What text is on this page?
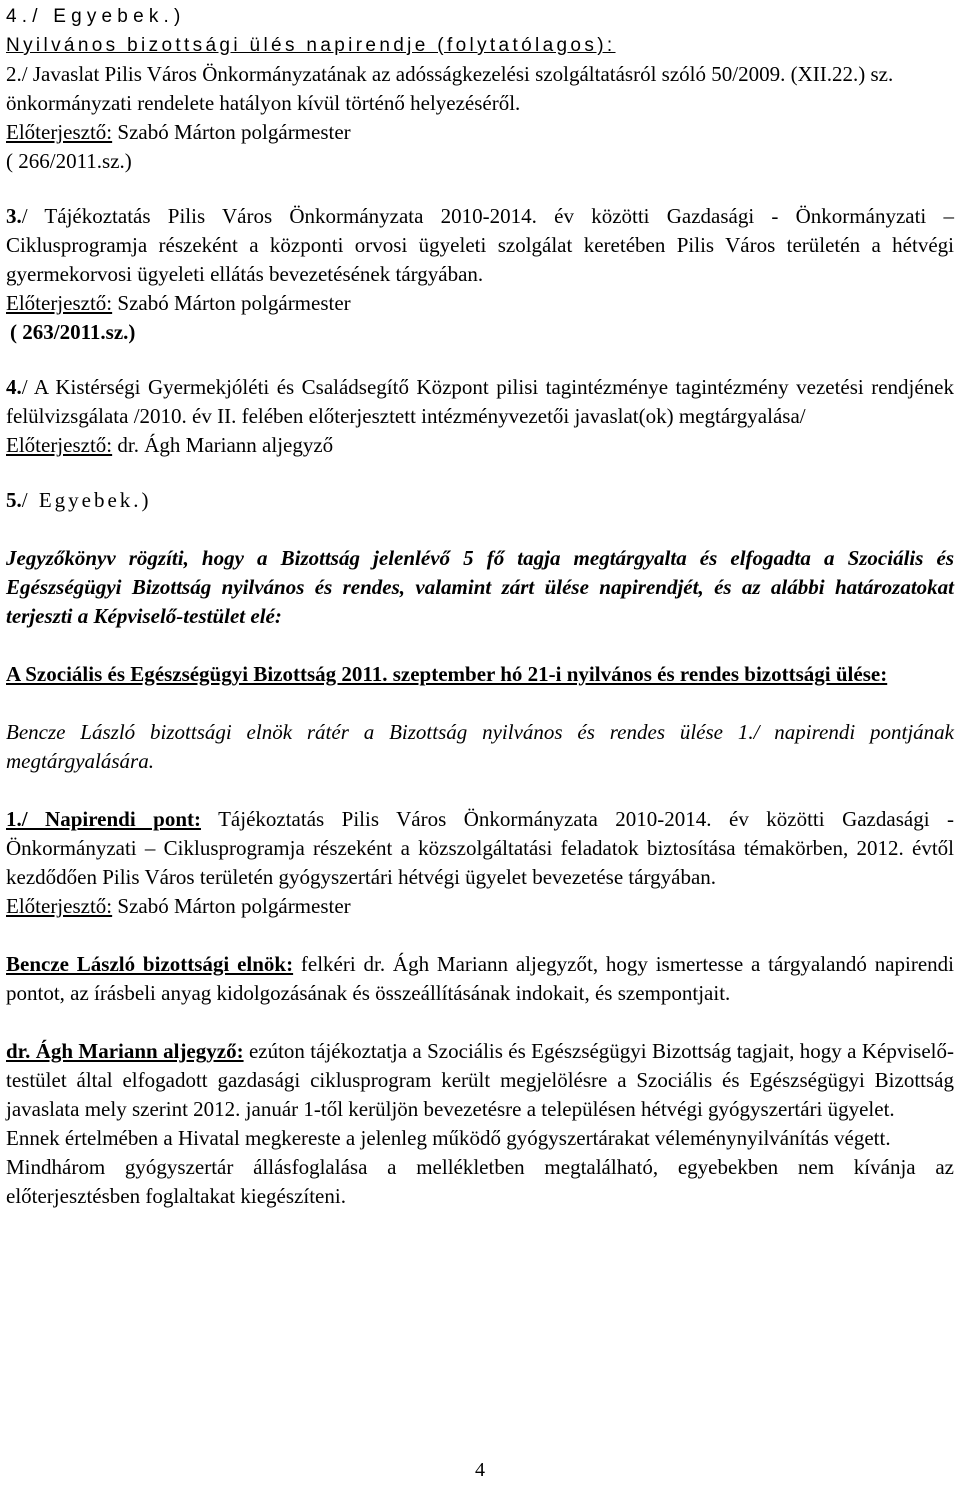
4./ Egyebek.)

Nyilvános bizottsági ülés napirendje (folytatólagos):

2./ Javaslat Pilis Város Önkormányzatának az adósságkezelési szolgáltatásról szóló 50/2009. (XII.22.) sz. önkormányzati rendelete hatályon kívül történő helyezéséről.

Előterjesztő: Szabó Márton polgármester

( 266/2011.sz.)

3./ Tájékoztatás Pilis Város Önkormányzata 2010-2014. év közötti Gazdasági - Önkormányzati – Ciklusprogramja részeként a központi orvosi ügyeleti szolgálat keretében Pilis Város területén a hétvégi gyermekorvosi ügyeleti ellátás bevezetésének tárgyában.

Előterjesztő: Szabó Márton polgármester

( 263/2011.sz.)

4./ A Kistérségi Gyermekjóléti és Családsegítő Központ pilisi tagintézménye tagintézmény vezetési rendjének felülvizsgálata /2010. év II. felében előterjesztett intézményvezetői javaslat(ok) megtárgyalása/

Előterjesztő: dr. Ágh Mariann aljegyző

5./ Egyebek.)

Jegyzőkönyv rögzíti, hogy a Bizottság jelenlévő 5 fő tagja megtárgyalta és elfogadta a Szociális és Egészségügyi Bizottság nyilvános és rendes, valamint zárt ülése napirendjét, és az alábbi határozatokat terjeszti a Képviselő-testület elé:

A Szociális és Egészségügyi Bizottság 2011. szeptember hó 21-i nyilvános és rendes bizottsági ülése:

Bencze László bizottsági elnök rátér a Bizottság nyilvános és rendes ülése 1./ napirendi pontjának megtárgyalására.

1./ Napirendi pont: Tájékoztatás Pilis Város Önkormányzata 2010-2014. év közötti Gazdasági - Önkormányzati – Ciklusprogramja részeként a közszolgáltatási feladatok biztosítása témakörben, 2012. évtől kezdődően Pilis Város területén gyógyszertári hétvégi ügyelet bevezetése tárgyában.

Előterjesztő: Szabó Márton polgármester

Bencze László bizottsági elnök: felkéri dr. Ágh Mariann aljegyzőt, hogy ismertesse a tárgyalandó napirendi pontot, az írásbeli anyag kidolgozásának és összeállításának indokait, és szempontjait.

dr. Ágh Mariann aljegyző: ezúton tájékoztatja a Szociális és Egészségügyi Bizottság tagjait, hogy a Képviselő- testület által elfogadott gazdasági ciklusprogram került megjelölésre a Szociális és Egészségügyi Bizottság javaslata mely szerint 2012. január 1-től kerüljön bevezetésre a településen hétvégi gyógyszertári ügyelet.

Ennek értelmében a Hivatal megkereste a jelenleg működő gyógyszertárakat véleménynyilvánítás végett.

Mindhárom gyógyszertár állásfoglalása a mellékletben megtalálható, egyebekben nem kívánja az előterjesztésben foglaltakat kiegészíteni.

4
